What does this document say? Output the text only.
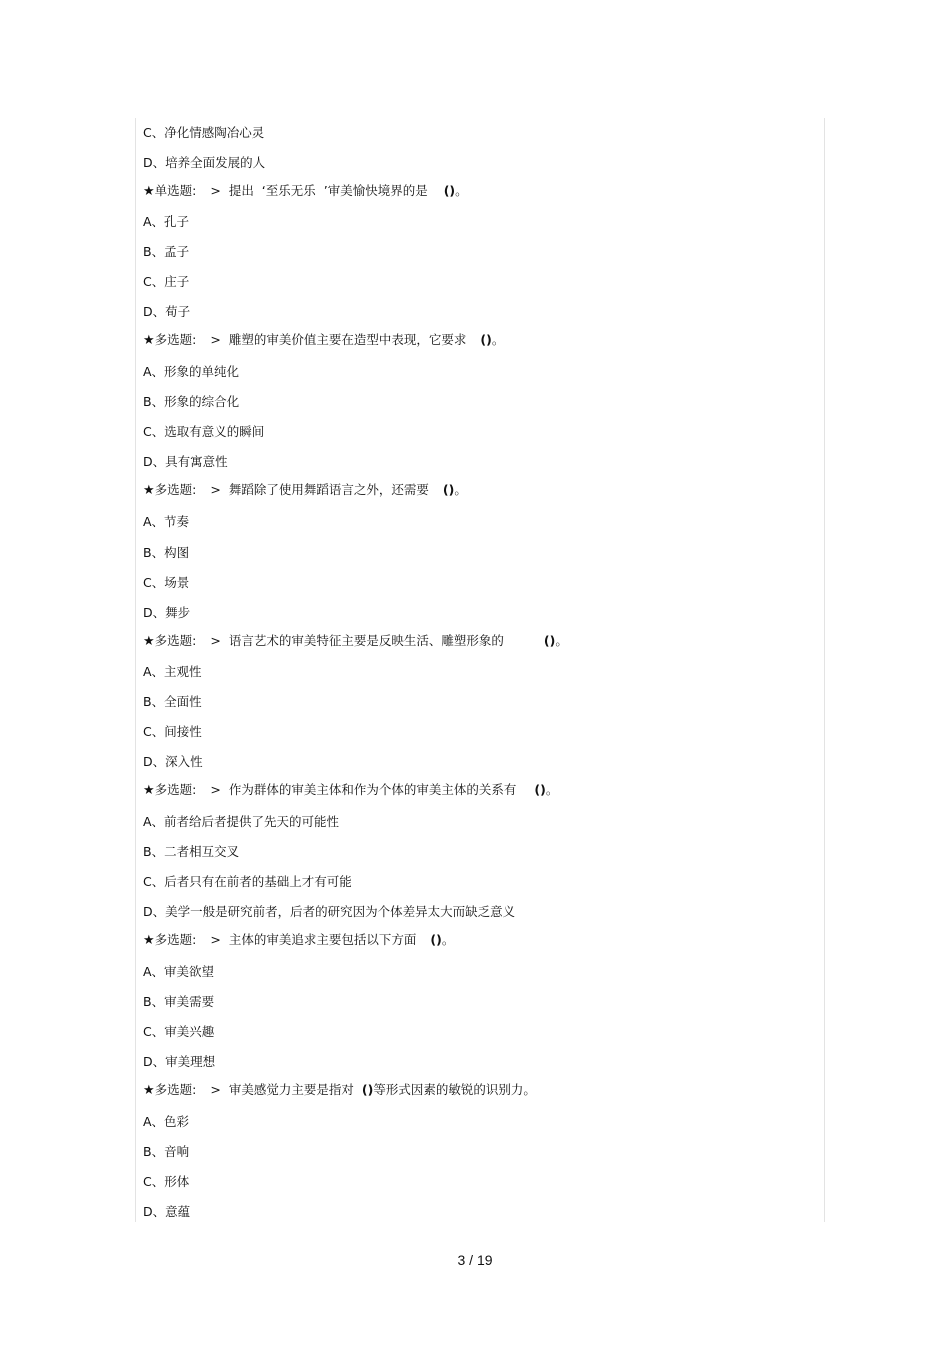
C、净化情感陶冶心灵
D、培养全面发展的人
★单选题: > 提出  ‘至乐无乐  ’审美愉快境界的是 ()。
A、孔子
B、孟子
C、庄子
D、荀子
★多选题: > 雕塑的审美价值主要在造型中表现，它要求 ()。
A、形象的单纯化
B、形象的综合化
C、选取有意义的瞬间
D、具有寓意性
★多选题: > 舞蹈除了使用舞蹈语言之外，还需要 ()。
A、节奏
B、构图
C、场景
D、舞步
★多选题: > 语言艺术的审美特征主要是反映生活、雕塑形象的	()。
A、主观性
B、全面性
C、间接性
D、深入性
★多选题: > 作为群体的审美主体和作为个体的审美主体的关系有 ()。
A、前者给后者提供了先天的可能性
B、二者相互交叉
C、后者只有在前者的基础上才有可能
D、美学一般是研究前者，后者的研究因为个体差异太大而缺乏意义
★多选题: > 主体的审美追求主要包括以下方面 ()。
A、审美欲望
B、审美需要
C、审美兴趣
D、审美理想
★多选题: > 审美感觉力主要是指对 ()等形式因素的敏锐的识别力。
A、色彩
B、音响
C、形体
D、意蕴
3 / 19
